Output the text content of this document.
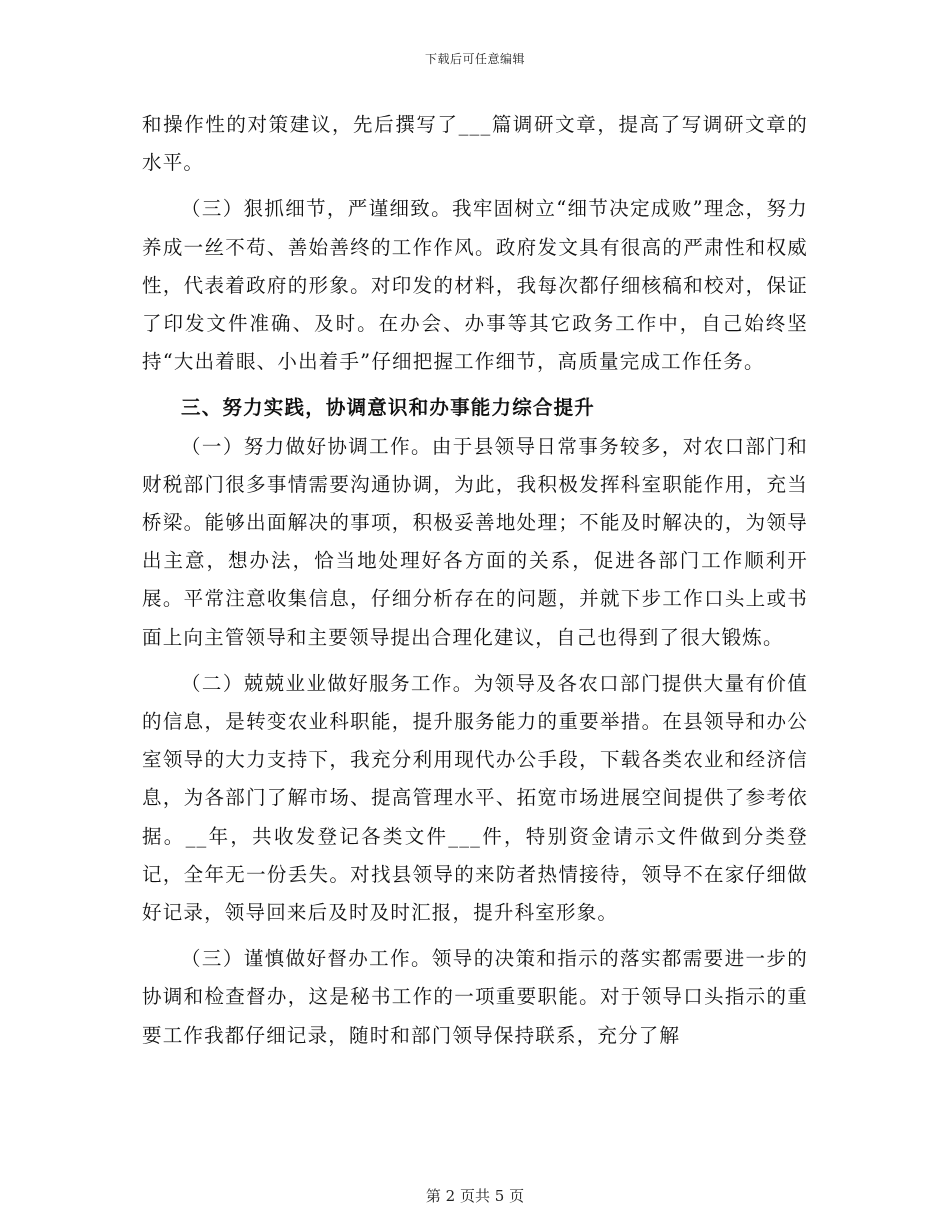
下载后可任意编辑

和操作性的对策建议，先后撰写了___篇调研文章，提高了写调研文章的水平。

（三）狠抓细节，严谨细致。我牢固树立“细节决定成败”理念，努力养成一丝不苟、善始善终的工作作风。政府发文具有很高的严肃性和权威性，代表着政府的形象。对印发的材料，我每次都仔细核稿和校对，保证了印发文件准确、及时。在办会、办事等其它政务工作中，自己始终坚持“大出着眼、小出着手”仔细把握工作细节，高质量完成工作任务。

三、努力实践，协调意识和办事能力综合提升

（一）努力做好协调工作。由于县领导日常事务较多，对农口部门和财税部门很多事情需要沟通协调，为此，我积极发挥科室职能作用，充当桥梁。能够出面解决的事项，积极妥善地处理；不能及时解决的，为领导出主意，想办法，恰当地处理好各方面的关系，促进各部门工作顺利开展。平常注意收集信息，仔细分析存在的问题，并就下步工作口头上或书面上向主管领导和主要领导提出合理化建议，自己也得到了很大锻炼。

（二）兢兢业业做好服务工作。为领导及各农口部门提供大量有价值的信息，是转变农业科职能，提升服务能力的重要举措。在县领导和办公室领导的大力支持下，我充分利用现代办公手段，下载各类农业和经济信息，为各部门了解市场、提高管理水平、拓宽市场进展空间提供了参考依据。__年，共收发登记各类文件___件，特别资金请示文件做到分类登记，全年无一份丢失。对找县领导的来防者热情接待，领导不在家仔细做好记录，领导回来后及时及时汇报，提升科室形象。

（三）谨慎做好督办工作。领导的决策和指示的落实都需要进一步的协调和检查督办，这是秘书工作的一项重要职能。对于领导口头指示的重要工作我都仔细记录，随时和部门领导保持联系，充分了解

第 2 页共 5 页
